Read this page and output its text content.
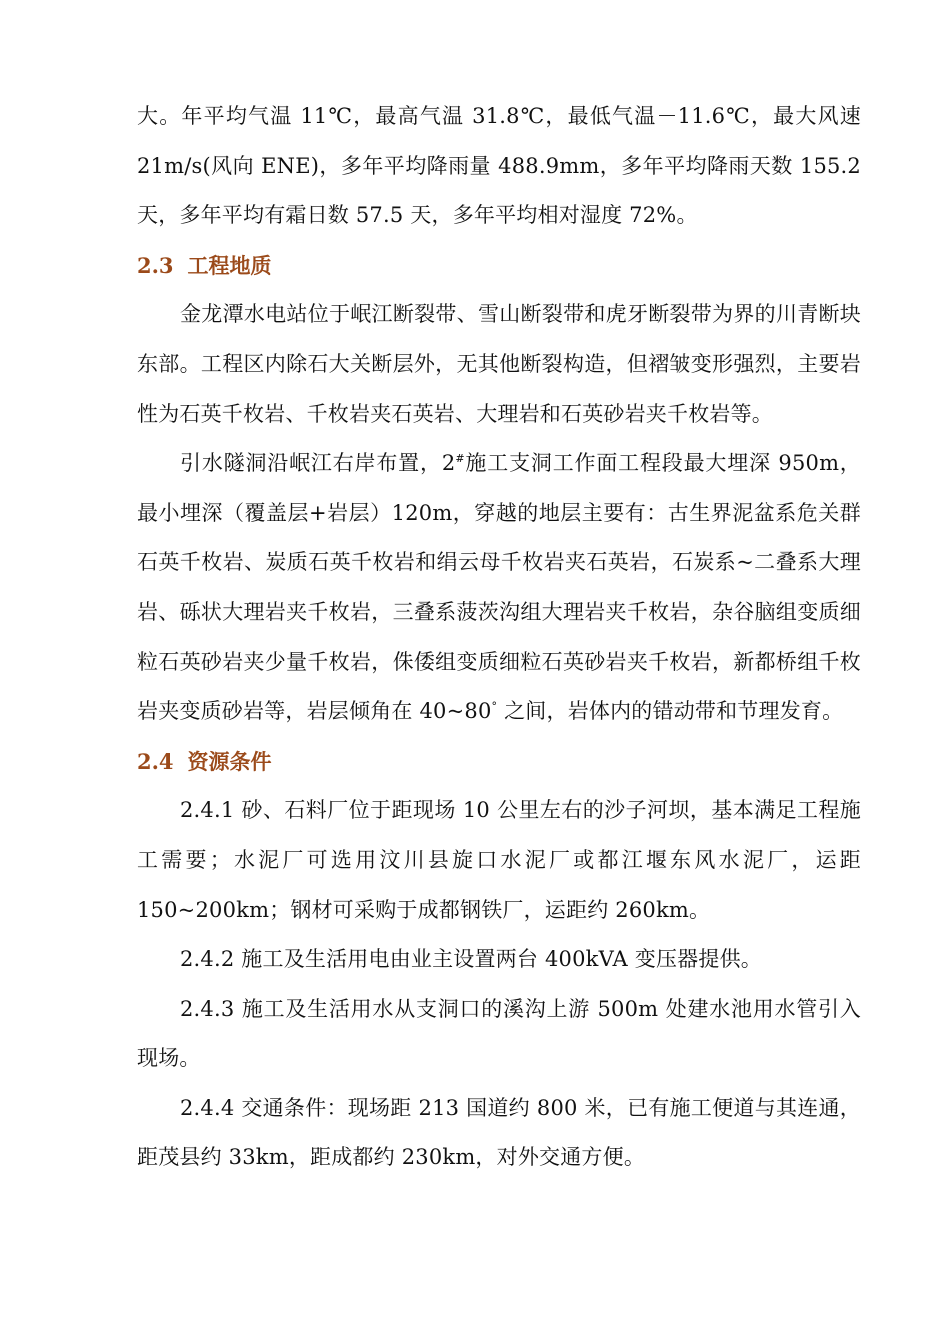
大。年平均气温 11℃，最高气温 31.8℃，最低气温－11.6℃，最大风速 21m/s(风向 ENE)，多年平均降雨量 488.9mm，多年平均降雨天数 155.2 天，多年平均有霜日数 57.5 天，多年平均相对湿度 72%。

2.3 工程地质

金龙潭水电站位于岷江断裂带、雪山断裂带和虎牙断裂带为界的川青断块东部。工程区内除石大关断层外，无其他断裂构造，但褶皱变形强烈，主要岩性为石英千枚岩、千枚岩夹石英岩、大理岩和石英砂岩夹千枚岩等。

引水隧洞沿岷江右岸布置，2#施工支洞工作面工程段最大埋深 950m，最小埋深（覆盖层+岩层）120m，穿越的地层主要有：古生界泥盆系危关群石英千枚岩、炭质石英千枚岩和绢云母千枚岩夹石英岩，石炭系~二叠系大理岩、砾状大理岩夹千枚岩，三叠系菠茨沟组大理岩夹千枚岩，杂谷脑组变质细粒石英砂岩夹少量千枚岩，侏倭组变质细粒石英砂岩夹千枚岩，新都桥组千枚岩夹变质砂岩等，岩层倾角在 40~80° 之间，岩体内的错动带和节理发育。

2.4 资源条件

2.4.1 砂、石料厂位于距现场 10 公里左右的沙子河坝，基本满足工程施工需要；水泥厂可选用汶川县旋口水泥厂或都江堰东风水泥厂，运距 150~200km；钢材可采购于成都钢铁厂，运距约 260km。

2.4.2 施工及生活用电由业主设置两台 400kVA 变压器提供。

2.4.3 施工及生活用水从支洞口的溪沟上游 500m 处建水池用水管引入现场。

2.4.4 交通条件：现场距 213 国道约 800 米，已有施工便道与其连通，距茂县约 33km，距成都约 230km，对外交通方便。
